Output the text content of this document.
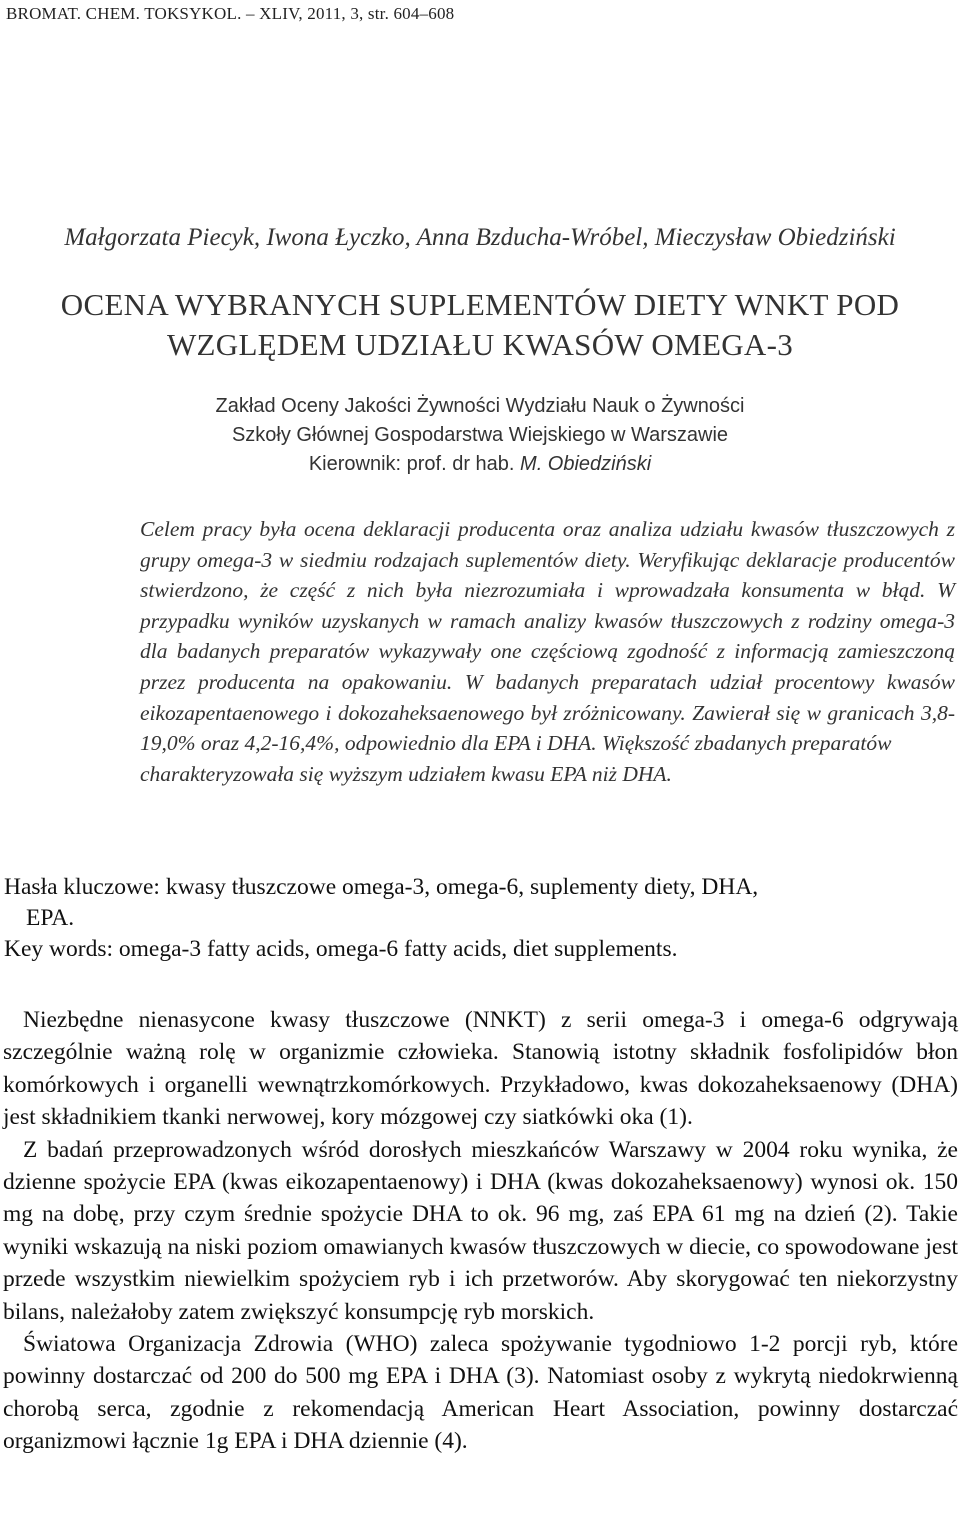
BROMAT. CHEM. TOKSYKOL. – XLIV, 2011, 3, str. 604–608
Małgorzata Piecyk, Iwona Łyczko, Anna Bzducha-Wróbel, Mieczysław Obiedziński
OCENA WYBRANYCH SUPLEMENTÓW DIETY WNKT POD
WZGLĘDEM UDZIAŁU KWASÓW OMEGA-3
Zakład Oceny Jakości Żywności Wydziału Nauk o Żywności
Szkoły Głównej Gospodarstwa Wiejskiego w Warszawie
Kierownik: prof. dr hab. M. Obiedziński
Celem pracy była ocena deklaracji producenta oraz analiza udziału kwasów tłuszczowych z grupy omega-3 w siedmiu rodzajach suplementów diety. Weryfikując deklaracje producentów stwierdzono, że część z nich była niezrozumiała i wprowadzała konsumenta w błąd. W przypadku wyników uzyskanych w ramach analizy kwasów tłuszczowych z rodziny omega-3 dla badanych preparatów wykazywały one częściową zgodność z informacją zamieszczoną przez producenta na opakowaniu. W badanych preparatach udział procentowy kwasów eikozapentaenowego i dokozaheksaenowego był zróżnicowany. Zawierał się w granicach 3,8-19,0% oraz 4,2-16,4%, odpowiednio dla EPA i DHA. Większość zbadanych preparatów
charakteryzowała się wyższym udziałem kwasu EPA niż DHA.
Hasła kluczowe: kwasy tłuszczowe omega-3, omega-6, suplementy diety, DHA,
EPA.
Key words: omega-3 fatty acids, omega-6 fatty acids, diet supplements.

Niezbędne nienasycone kwasy tłuszczowe (NNKT) z serii omega-3 i omega-6 odgrywają szczególnie ważną rolę w organizmie człowieka. Stanowią istotny składnik fosfolipidów błon komórkowych i organelli wewnątrzkomórkowych. Przykładowo, kwas dokozaheksaenowy (DHA) jest składnikiem tkanki nerwowej, kory mózgowej czy siatkówki oka (1).

Z badań przeprowadzonych wśród dorosłych mieszkańców Warszawy w 2004 roku wynika, że dzienne spożycie EPA (kwas eikozapentaenowy) i DHA (kwas dokozaheksaenowy) wynosi ok. 150 mg na dobę, przy czym średnie spożycie DHA to ok. 96 mg, zaś EPA 61 mg na dzień (2). Takie wyniki wskazują na niski poziom omawianych kwasów tłuszczowych w diecie, co spowodowane jest przede wszystkim niewielkim spożyciem ryb i ich przetworów. Aby skorygować ten niekorzystny bilans, należałoby zatem zwiększyć konsumpcję ryb morskich.

Światowa Organizacja Zdrowia (WHO) zaleca spożywanie tygodniowo 1-2 porcji ryb, które powinny dostarczać od 200 do 500 mg EPA i DHA (3). Natomiast osoby z wykrytą niedokrwienną chorobą serca, zgodnie z rekomendacją American Heart Association, powinny dostarczać organizmowi łącznie 1g EPA i DHA dziennie (4).
